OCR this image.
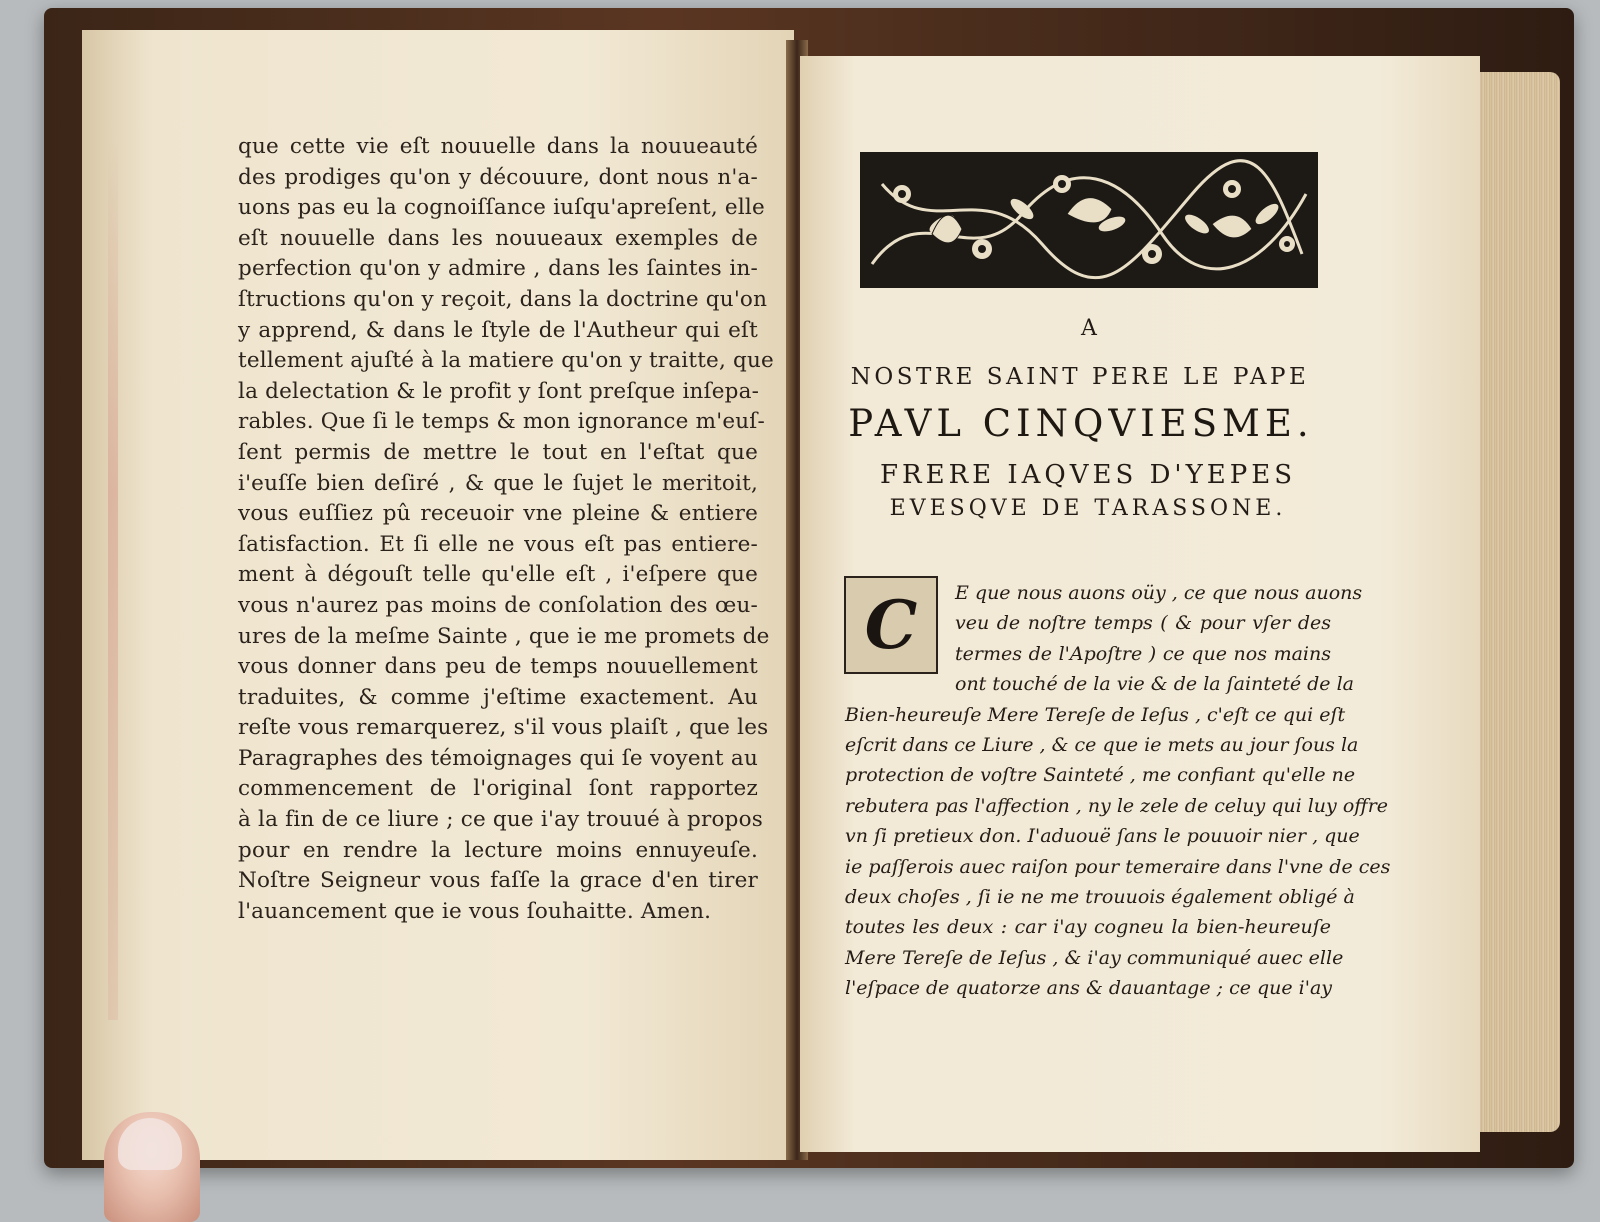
que cette vie eſt nouuelle dans la nouueauté
des prodiges qu'on y découure, dont nous n'a-
uons pas eu la cognoiſſance iuſqu'apreſent, elle
eſt nouuelle dans les nouueaux exemples de
perfection qu'on y admire , dans les ſaintes in-
ſtructions qu'on y reçoit, dans la doctrine qu'on
y apprend, & dans le ſtyle de l'Autheur qui eſt
tellement ajuſté à la matiere qu'on y traitte, que
la delectation & le profit y ſont preſque inſepa-
rables. Que ſi le temps & mon ignorance m'euſ-
ſent permis de mettre le tout en l'eſtat que
i'euſſe bien deſiré , & que le ſujet le meritoit,
vous euſſiez pû receuoir vne pleine & entiere
ſatisfaction. Et ſi elle ne vous eſt pas entiere-
ment à dégouſt telle qu'elle eſt , i'eſpere que
vous n'aurez pas moins de conſolation des œu-
ures de la meſme Sainte , que ie me promets de
vous donner dans peu de temps nouuellement
traduites, & comme j'eſtime exactement. Au
reſte vous remarquerez, s'il vous plaiſt , que les
Paragraphes des témoignages qui ſe voyent au
commencement de l'original ſont rapportez
à la fin de ce liure ; ce que i'ay trouué à propos
pour en rendre la lecture moins ennuyeuſe.
Noſtre Seigneur vous faſſe la grace d'en tirer
l'auancement que ie vous ſouhaitte. Amen.
A
NOSTRE SAINT PERE LE PAPE
PAVL CINQVIESME.
FRERE IAQVES D'YEPES
EVESQVE DE TARASSONE.
C	E que nous auons oüy , ce que nous auons
veu de noſtre temps ( & pour vſer des
termes de l'Apoſtre ) ce que nos mains
ont touché de la vie & de la ſainteté de la
Bien-heureuſe Mere Tereſe de Ieſus , c'eſt ce qui eſt
eſcrit dans ce Liure , & ce que ie mets au jour ſous la
protection de voſtre Sainteté , me confiant qu'elle ne
rebutera pas l'affection , ny le zele de celuy qui luy offre
vn ſi pretieux don. I'aduouë ſans le pouuoir nier , que
ie paſſerois auec raiſon pour temeraire dans l'vne de ces
deux choſes , ſi ie ne me trouuois également obligé à
toutes les deux : car i'ay cogneu la bien-heureuſe
Mere Tereſe de Ieſus , & i'ay communiqué auec elle
l'eſpace de quatorze ans & dauantage ; ce que i'ay
